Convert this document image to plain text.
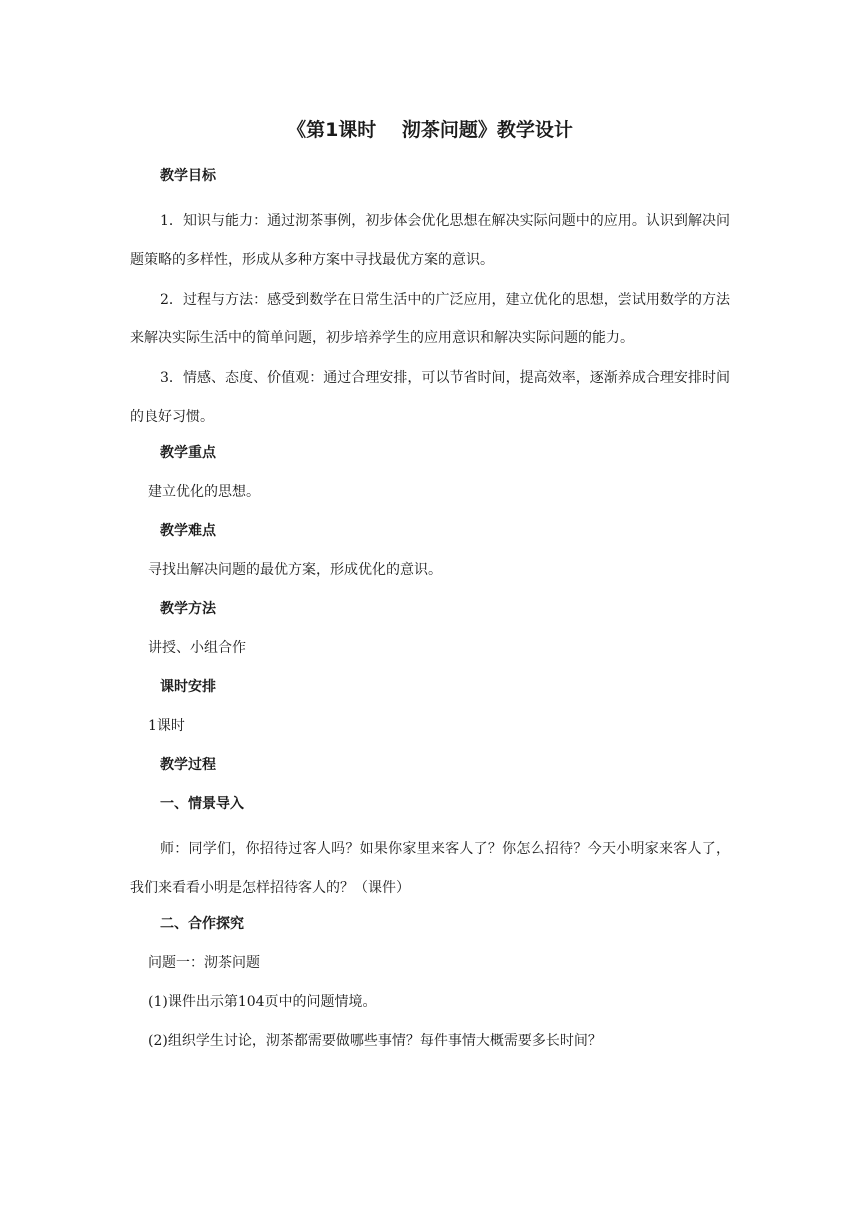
《第1课时　 沏茶问题》教学设计
教学目标
1．知识与能力：通过沏茶事例，初步体会优化思想在解决实际问题中的应用。认识到解决问题策略的多样性，形成从多种方案中寻找最优方案的意识。
2．过程与方法：感受到数学在日常生活中的广泛应用，建立优化的思想，尝试用数学的方法来解决实际生活中的简单问题，初步培养学生的应用意识和解决实际问题的能力。
3．情感、态度、价值观：通过合理安排，可以节省时间，提高效率，逐渐养成合理安排时间的良好习惯。
教学重点
建立优化的思想。
教学难点
寻找出解决问题的最优方案，形成优化的意识。
教学方法
讲授、小组合作
课时安排
1课时
教学过程
一、情景导入
师：同学们，你招待过客人吗？如果你家里来客人了？你怎么招待？今天小明家来客人了，我们来看看小明是怎样招待客人的？（课件）
二、合作探究
问题一：沏茶问题
(1)课件出示第104页中的问题情境。
(2)组织学生讨论，沏茶都需要做哪些事情？每件事情大概需要多长时间？
